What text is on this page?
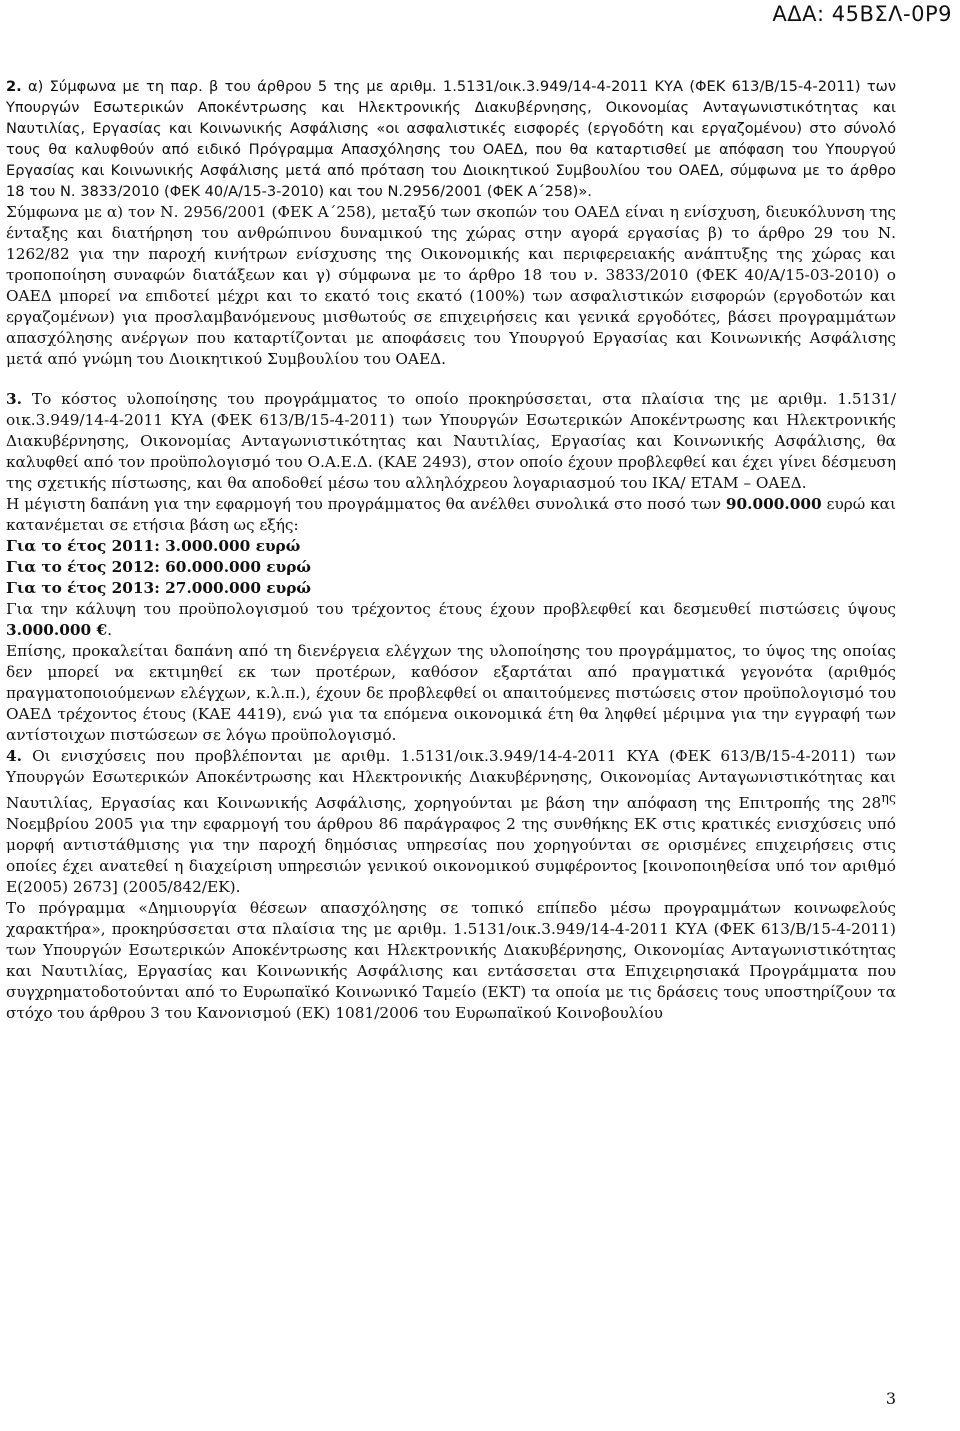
ΑΔΑ: 45ΒΣΛ-0Ρ9

2. α) Σύμφωνα με τη παρ. β του άρθρου 5 της με αριθμ. 1.5131/οικ.3.949/14-4-2011 ΚΥΑ (ΦΕΚ 613/Β/15-4-2011) των Υπουργών Εσωτερικών Αποκέντρωσης και Ηλεκτρονικής Διακυβέρνησης, Οικονομίας Ανταγωνιστικότητας και Ναυτιλίας, Εργασίας και Κοινωνικής Ασφάλισης «οι ασφαλιστικές εισφορές (εργοδότη και εργαζομένου) στο σύνολό τους θα καλυφθούν από ειδικό Πρόγραμμα Απασχόλησης του ΟΑΕΔ, που θα καταρτισθεί με απόφαση του Υπουργού Εργασίας και Κοινωνικής Ασφάλισης μετά από πρόταση του Διοικητικού Συμβουλίου του ΟΑΕΔ, σύμφωνα με το άρθρο 18 του Ν. 3833/2010 (ΦΕΚ 40/Α/15-3-2010) και του Ν.2956/2001 (ΦΕΚ Α΄258)».

Σύμφωνα με α) τον Ν. 2956/2001 (ΦΕΚ Α΄258), μεταξύ των σκοπών του ΟΑΕΔ είναι η ενίσχυση, διευκόλυνση της ένταξης και διατήρηση του ανθρώπινου δυναμικού της χώρας στην αγορά εργασίας β) το άρθρο 29 του Ν. 1262/82 για την παροχή κινήτρων ενίσχυσης της Οικονομικής και περιφερειακής ανάπτυξης της χώρας και τροποποίηση συναφών διατάξεων και γ) σύμφωνα με το άρθρο 18 του ν. 3833/2010 (ΦΕΚ 40/Α/15-03-2010) ο ΟΑΕΔ μπορεί να επιδοτεί μέχρι και το εκατό τοις εκατό (100%) των ασφαλιστικών εισφορών (εργοδοτών και εργαζομένων) για προσλαμβανόμενους μισθωτούς σε επιχειρήσεις και γενικά εργοδότες, βάσει προγραμμάτων απασχόλησης ανέργων που καταρτίζονται με αποφάσεις του Υπουργού Εργασίας και Κοινωνικής Ασφάλισης μετά από γνώμη του Διοικητικού Συμβουλίου του ΟΑΕΔ.

3. Το κόστος υλοποίησης του προγράμματος το οποίο προκηρύσσεται, στα πλαίσια της με αριθμ. 1.5131/οικ.3.949/14-4-2011 ΚΥΑ (ΦΕΚ 613/Β/15-4-2011) των Υπουργών Εσωτερικών Αποκέντρωσης και Ηλεκτρονικής Διακυβέρνησης, Οικονομίας Ανταγωνιστικότητας και Ναυτιλίας, Εργασίας και Κοινωνικής Ασφάλισης, θα καλυφθεί από τον προϋπολογισμό του Ο.Α.Ε.Δ. (ΚΑΕ 2493), στον οποίο έχουν προβλεφθεί και έχει γίνει δέσμευση της σχετικής πίστωσης, και θα αποδοθεί μέσω του αλληλόχρεου λογαριασμού του ΙΚΑ/ ΕΤΑΜ – ΟΑΕΔ.

Η μέγιστη δαπάνη για την εφαρμογή του προγράμματος θα ανέλθει συνολικά στο ποσό των 90.000.000 ευρώ και κατανέμεται σε ετήσια βάση ως εξής:

Για το έτος 2011: 3.000.000 ευρώ

Για το έτος 2012: 60.000.000 ευρώ

Για το έτος 2013: 27.000.000 ευρώ

Για την κάλυψη του προϋπολογισμού του τρέχοντος έτους έχουν προβλεφθεί και δεσμευθεί πιστώσεις ύψους 3.000.000 €.

Επίσης, προκαλείται δαπάνη από τη διενέργεια ελέγχων της υλοποίησης του προγράμματος, το ύψος της οποίας δεν μπορεί να εκτιμηθεί εκ των προτέρων, καθόσον εξαρτάται από πραγματικά γεγονότα (αριθμός πραγματοποιούμενων ελέγχων, κ.λ.π.), έχουν δε προβλεφθεί οι απαιτούμενες πιστώσεις στον προϋπολογισμό του ΟΑΕΔ τρέχοντος έτους (ΚΑΕ 4419), ενώ για τα επόμενα οικονομικά έτη θα ληφθεί μέριμνα για την εγγραφή των αντίστοιχων πιστώσεων σε λόγω προϋπολογισμό.

4. Οι ενισχύσεις που προβλέπονται με αριθμ. 1.5131/οικ.3.949/14-4-2011 ΚΥΑ (ΦΕΚ 613/Β/15-4-2011) των Υπουργών Εσωτερικών Αποκέντρωσης και Ηλεκτρονικής Διακυβέρνησης, Οικονομίας Ανταγωνιστικότητας και Ναυτιλίας, Εργασίας και Κοινωνικής Ασφάλισης, χορηγούνται με βάση την απόφαση της Επιτροπής της $28^{\eta\varsigma}$ Νοεμβρίου 2005 για την εφαρμογή του άρθρου 86 παράγραφος 2 της συνθήκης ΕΚ στις κρατικές ενισχύσεις υπό μορφή αντιστάθμισης για την παροχή δημόσιας υπηρεσίας που χορηγούνται σε ορισμένες επιχειρήσεις στις οποίες έχει ανατεθεί η διαχείριση υπηρεσιών γενικού οικονομικού συμφέροντος [κοινοποιηθείσα υπό τον αριθμό Ε(2005) 2673] (2005/842/ΕΚ).

Το πρόγραμμα «Δημιουργία θέσεων απασχόλησης σε τοπικό επίπεδο μέσω προγραμμάτων κοινωφελούς χαρακτήρα», προκηρύσσεται στα πλαίσια της με αριθμ. 1.5131/οικ.3.949/14-4-2011 ΚΥΑ (ΦΕΚ 613/Β/15-4-2011) των Υπουργών Εσωτερικών Αποκέντρωσης και Ηλεκτρονικής Διακυβέρνησης, Οικονομίας Ανταγωνιστικότητας και Ναυτιλίας, Εργασίας και Κοινωνικής Ασφάλισης και εντάσσεται στα Επιχειρησιακά Προγράμματα που συγχρηματοδοτούνται από το Ευρωπαϊκό Κοινωνικό Ταμείο (ΕΚΤ) τα οποία με τις δράσεις τους υποστηρίζουν τα στόχο του άρθρου 3 του Κανονισμού (ΕΚ) 1081/2006 του Ευρωπαϊκού Κοινοβουλίου

3
